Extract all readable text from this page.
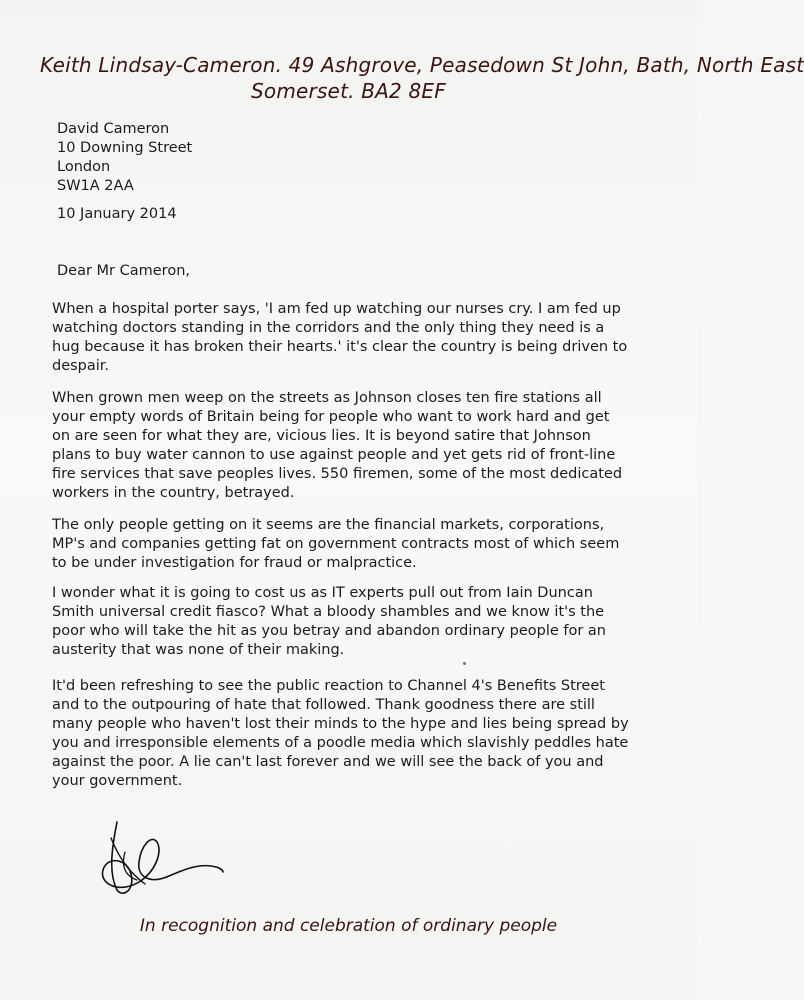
Keith Lindsay-Cameron. 49 Ashgrove, Peasedown St John, Bath, North East
Somerset. BA2 8EF
David Cameron
10 Downing Street
London
SW1A 2AA
10 January 2014
Dear Mr Cameron,
When a hospital porter says, 'I am fed up watching our nurses cry. I am fed up
watching doctors standing in the corridors and the only thing they need is a
hug because it has broken their hearts.' it's clear the country is being driven to
despair.
When grown men weep on the streets as Johnson closes ten fire stations all
your empty words of Britain being for people who want to work hard and get
on are seen for what they are, vicious lies. It is beyond satire that Johnson
plans to buy water cannon to use against people and yet gets rid of front-line
fire services that save peoples lives. 550 firemen, some of the most dedicated
workers in the country, betrayed.
The only people getting on it seems are the financial markets, corporations,
MP's and companies getting fat on government contracts most of which seem
to be under investigation for fraud or malpractice.
I wonder what it is going to cost us as IT experts pull out from Iain Duncan
Smith universal credit fiasco? What a bloody shambles and we know it's the
poor who will take the hit as you betray and abandon ordinary people for an
austerity that was none of their making.
It'd been refreshing to see the public reaction to Channel 4's Benefits Street
and to the outpouring of hate that followed. Thank goodness there are still
many people who haven't lost their minds to the hype and lies being spread by
you and irresponsible elements of a poodle media which slavishly peddles hate
against the poor. A lie can't last forever and we will see the back of you and
your government.
In recognition and celebration of ordinary people
